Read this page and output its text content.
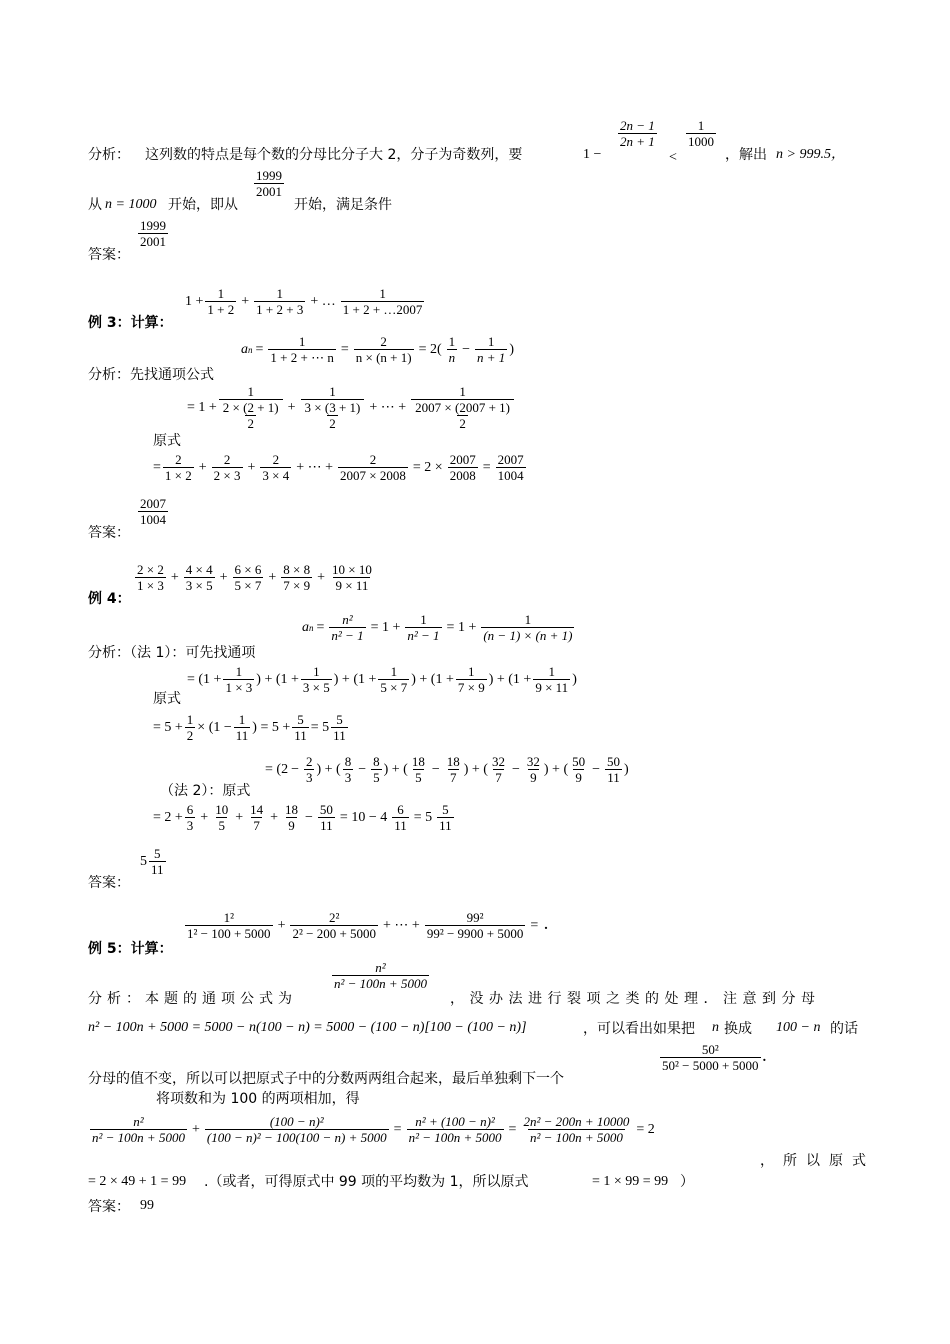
分析： 这列数的特点是每个数的分母比分子大 2，分子为奇数列，要	1 −
$\frac{2n - 1}{2n + 1}$
<
$\frac{1}{1000}$
，解出 n > 999.5，
从 n = 1000 开始，即从
$\frac{1999}{2001}$
开始，满足条件
答案：
$\frac{1999}{2001}$
例 3：计算：
$1 + \frac{1}{1 + 2} + \frac{1}{1 + 2 + 3}$ + … $\frac{1}{1 + 2 + \dots 2007}$
分析：先找通项公式
a $n = \frac{1}{1 + 2 + \cdots n} = \frac{2}{n \times (n + 1)} = 2( \frac{1}{n} - \frac{1}{n + 1}$ )
= $1 + \frac{1}{\frac{2 \times (2 + 1)}{2}} + \frac{1}{\frac{3 \times (3 + 1)}{2}}$ + ⋯ + $\frac{1}{\frac{2007 \times (2007 + 1)}{2}}$
原式
= $\frac{2}{1 \times 2} + \frac{2}{2 \times 3} + \frac{2}{3 \times 4}$ + ⋯ + $\frac{2}{2007 \times 2008} = 2 \times \frac{2007}{2008} = \frac{2007}{1004}$
答案：
$\frac{2007}{1004}$
例 4：
$\frac{2 \times 2}{1 \times 3} + \frac{4 \times 4}{3 \times 5} + \frac{6 \times 6}{5 \times 7} + \frac{8 \times 8}{7 \times 9} + \frac{10 \times 10}{9 \times 11}$
分析：（法 1）：可先找通项
a $n = \frac{\text{n²}}{\text{n² − 1}} = 1 + \frac{1}{\text{n² − 1}} = 1 + \frac{1}{(n - 1) \times (n + 1)}$
原式
= ($1 + \frac{1}{1 \times 3}$ ) + ($1 + \frac{1}{3 \times 5}$ ) + ($1 + \frac{1}{5 \times 7}$ ) + ($1 + \frac{1}{7 \times 9}$ ) + ($1 + \frac{1}{9 \times 11}$ )
= $5 + \frac{1}{2} \times (1 - \frac{1}{11}$ ) = $5 + \frac{5}{11} = 5 \frac{5}{11}$
（法 2）：原式
= ( $2 - \frac{2}{3}$ ) + ( $\frac{8}{3} - \frac{8}{5}$ ) + ( $\frac{18}{5} - \frac{18}{7}$ ) + ( $\frac{32}{7} - \frac{32}{9}$ ) + ( $\frac{50}{9} - \frac{50}{11}$ )
= $2 + \frac{6}{3} + \frac{10}{5} + \frac{14}{7} + \frac{18}{9} - \frac{50}{11} = 10 - 4 \frac{6}{11} = 5 \frac{5}{11}$
答案：
$5 \frac{5}{11}$
例 5：计算：
$\frac{\text{1²}}{\text{1² − 100 + 5000}} + \frac{\text{2²}}{\text{2² − 200 + 5000}}$ + ⋯ + $\frac{\text{99²}}{\text{99² − 9900 + 5000}}$ = .
分析：本题的通项公式为
$\frac{\text{n²}}{\text{n² − 100n + 5000}}$
，没办法进行裂项之类的处理．注意到分母
n² − 100n + 5000 = 5000 − n(100 − n) = 5000 − (100 − n)[100 − (100 − n)]	，可以看出如果把 n 换成 100 − n 的话
分母的值不变，所以可以把原式子中的分数两两组合起来，最后单独剩下一个
$\frac{\text{50²}}{\text{50² − 5000 + 5000}}$ .
将项数和为 100 的两项相加，得
$\frac{\text{n²}}{\text{n² − 100n + 5000}} + \frac{\text{(100 − n)²}}{\text{(100 − n)² − 100(100 − n) + 5000}} = \frac{\text{n² + (100 − n)²}}{\text{n² − 100n + 5000}} = \frac{\text{2n² − 200n + 10000}}{\text{n² − 100n + 5000}} = 2$
，所以原式
= 2 × 49 + 1 = 99 .（或者，可得原式中 99 项的平均数为 1，所以原式	= 1 × 99 = 99 ）
答案： 99
